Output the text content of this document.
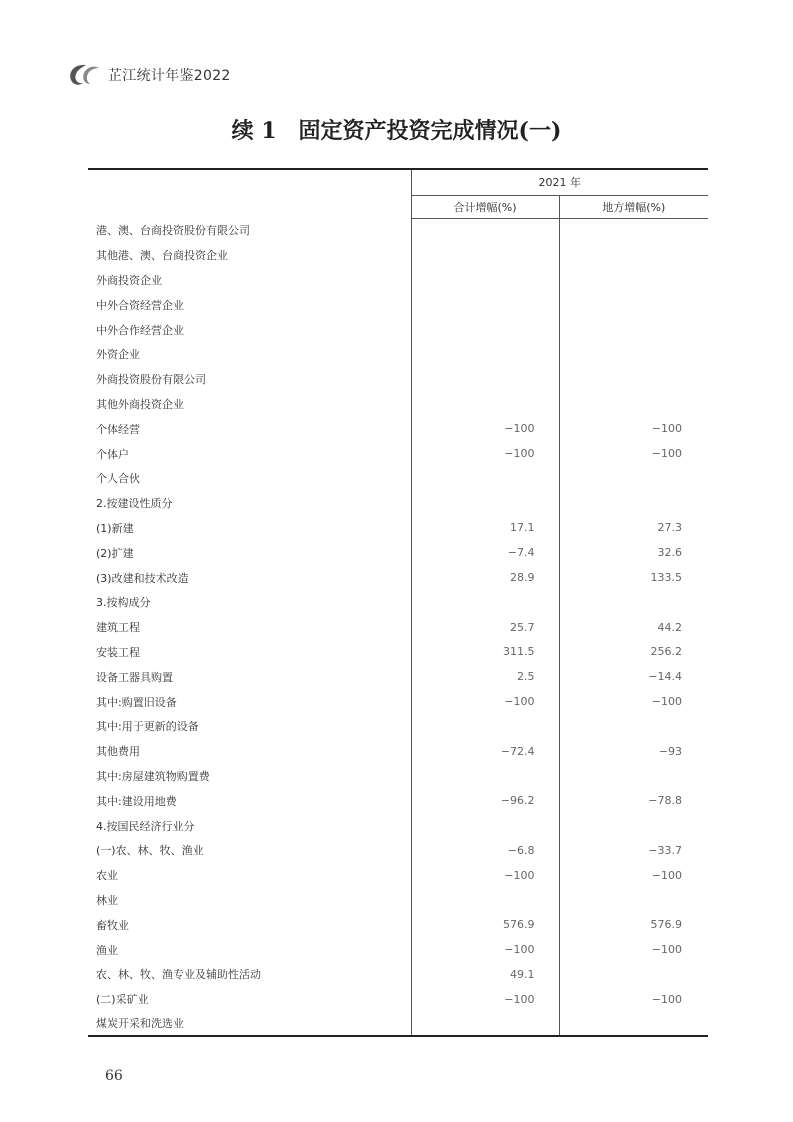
芷江统计年鉴2022
续 1　固定资产投资完成情况(一)
	2021 年	
	合计增幅(%)	地方增幅(%)
港、澳、台商投资股份有限公司		
其他港、澳、台商投资企业		
外商投资企业		
中外合资经营企业		
中外合作经营企业		
外资企业		
外商投资股份有限公司		
其他外商投资企业		
个体经营	−100	−100
个体户	−100	−100
个人合伙		
2.按建设性质分		
(1)新建	17.1	27.3
(2)扩建	−7.4	32.6
(3)改建和技术改造	28.9	133.5
3.按构成分		
建筑工程	25.7	44.2
安装工程	311.5	256.2
设备工器具购置	2.5	−14.4
其中:购置旧设备	−100	−100
其中:用于更新的设备		
其他费用	−72.4	−93
其中:房屋建筑物购置费		
其中:建设用地费	−96.2	−78.8
4.按国民经济行业分		
(一)农、林、牧、渔业	−6.8	−33.7
农业	−100	−100
林业		
畜牧业	576.9	576.9
渔业	−100	−100
农、林、牧、渔专业及辅助性活动	49.1	
(二)采矿业	−100	−100
煤炭开采和洗选业		
66
